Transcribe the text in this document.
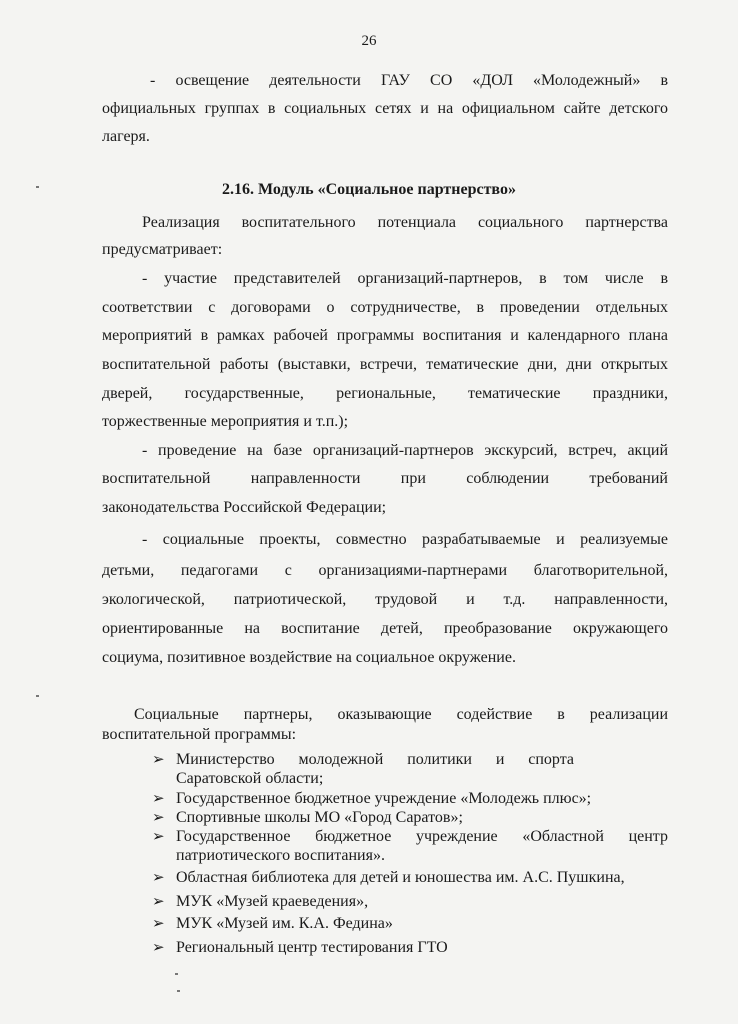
26
- освещение деятельности ГАУ СО «ДОЛ «Молодежный» в
официальных группах в социальных сетях и на официальном сайте детского
лагеря.
2.16. Модуль «Социальное партнерство»
Реализация воспитательного потенциала социального партнерства
предусматривает:
- участие представителей организаций-партнеров, в том числе в
соответствии с договорами о сотрудничестве, в проведении отдельных
мероприятий в рамках рабочей программы воспитания и календарного плана
воспитательной работы (выставки, встречи, тематические дни, дни открытых
дверей, государственные, региональные, тематические праздники,
торжественные мероприятия и т.п.);
- проведение на базе организаций-партнеров экскурсий, встреч, акций
воспитательной направленности при соблюдении требований
законодательства Российской Федерации;
- социальные проекты, совместно разрабатываемые и реализуемые
детьми, педагогами с организациями-партнерами благотворительной,
экологической, патриотической, трудовой и т.д. направленности,
ориентированные на воспитание детей, преобразование окружающего
социума, позитивное воздействие на социальное окружение.
Социальные партнеры, оказывающие содействие в реализации
воспитательной программы:
➢ Министерство молодежной политики и спорта
Саратовской области;
➢ Государственное бюджетное учреждение «Молодежь плюс»;
➢ Спортивные школы МО «Город Саратов»;
➢ Государственное бюджетное учреждение «Областной центр
патриотического воспитания».
➢ Областная библиотека для детей и юношества им. А.С. Пушкина,
➢ МУК «Музей краеведения»,
➢ МУК «Музей им. К.А. Федина»
➢ Региональный центр тестирования ГТО
